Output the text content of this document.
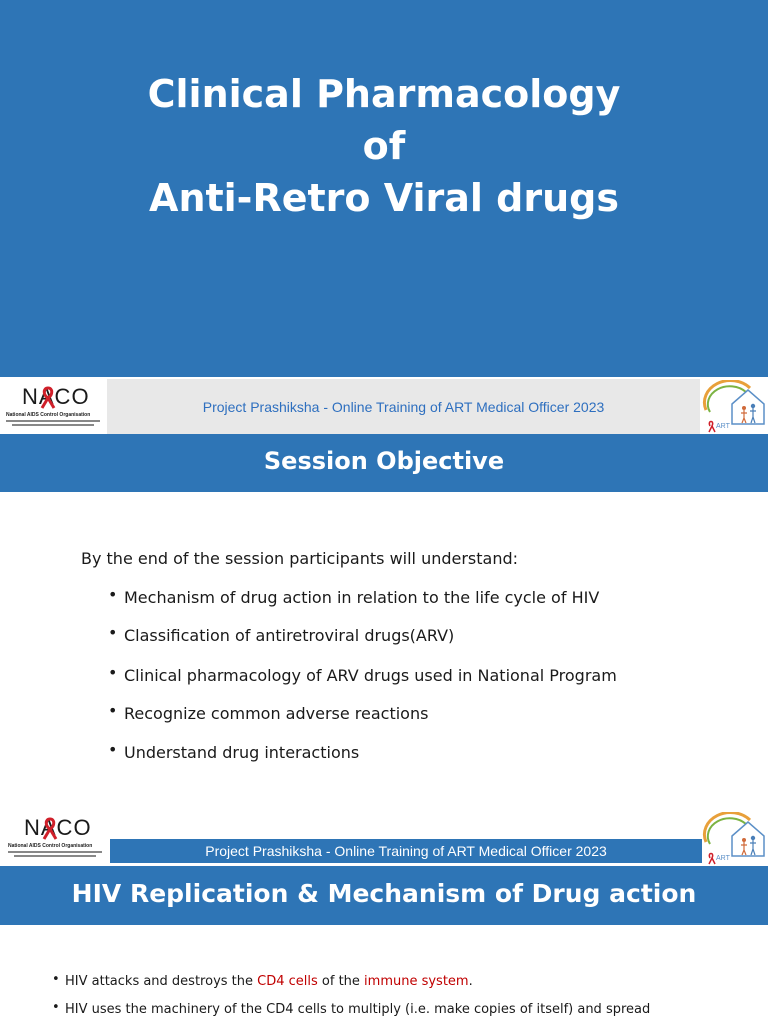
Clinical Pharmacology
of
Anti-Retro Viral drugs
Project Prashiksha - Online Training of ART Medical Officer 2023
NACO
National AIDS Control Organisation
ART
Session Objective
By the end of the session participants will understand:
• Mechanism of drug action in relation to the life cycle of HIV
• Classification of antiretroviral drugs(ARV)
• Clinical pharmacology of ARV drugs used in National Program
• Recognize common adverse reactions
• Understand drug interactions
NACO
National AIDS Control Organisation	Project Prashiksha - Online Training of ART Medical Officer 2023	ART
HIV Replication & Mechanism of Drug action
• HIV attacks and destroys the CD4 cells of the immune system.
• HIV uses the machinery of the CD4 cells to multiply (i.e. make copies of itself) and spread
